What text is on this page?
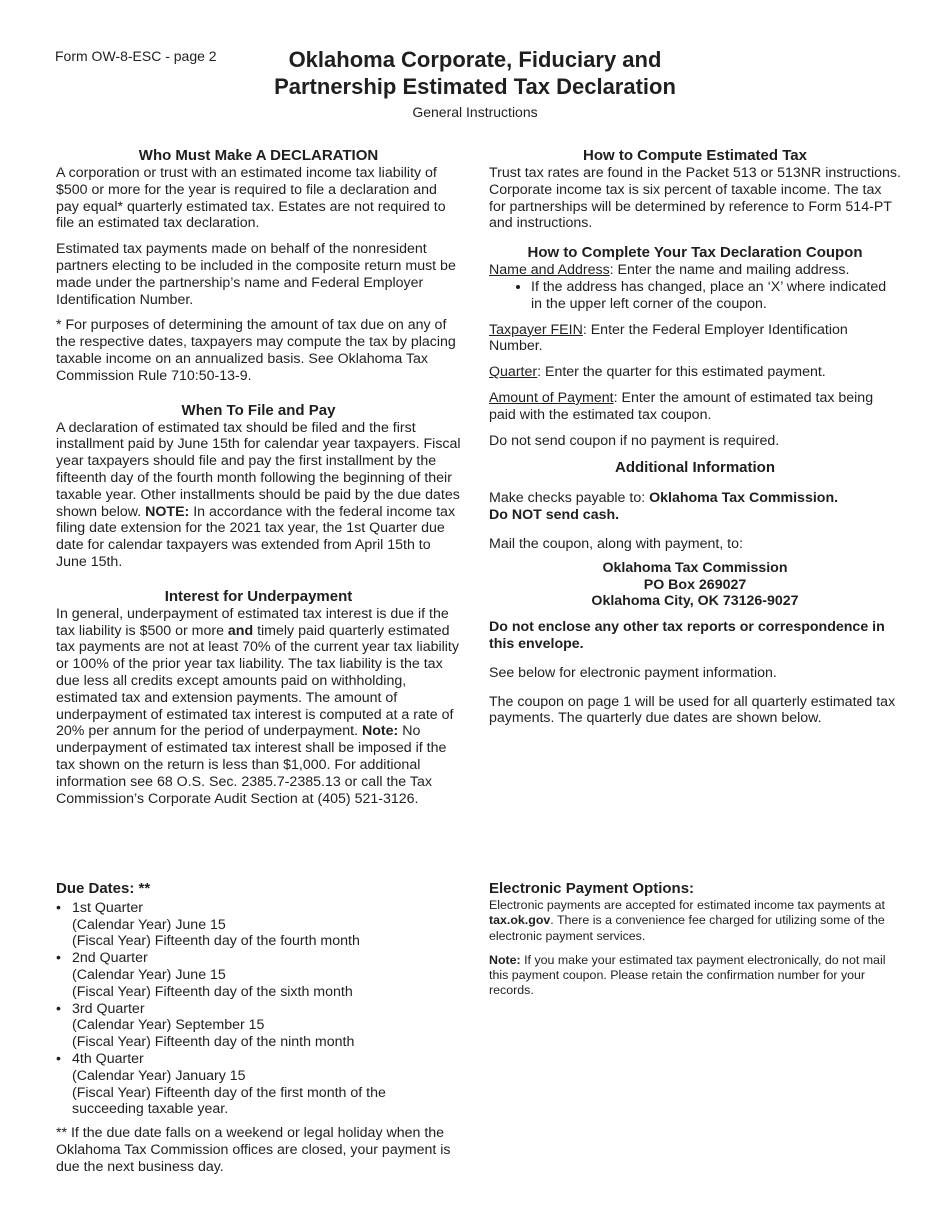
Form OW-8-ESC - page 2	Oklahoma Corporate, Fiduciary and
Partnership Estimated Tax Declaration
General Instructions
Who Must Make A DECLARATION

A corporation or trust with an estimated income tax liability of $500 or more for the year is required to file a declaration and pay equal* quarterly estimated tax. Estates are not required to file an estimated tax declaration.

Estimated tax payments made on behalf of the nonresident partners electing to be included in the composite return must be made under the partnership’s name and Federal Employer Identification Number.

* For purposes of determining the amount of tax due on any of the respective dates, taxpayers may compute the tax by placing taxable income on an annualized basis. See Oklahoma Tax Commission Rule 710:50-13-9.

When To File and Pay

A declaration of estimated tax should be filed and the first installment paid by June 15th for calendar year taxpayers. Fiscal year taxpayers should file and pay the first installment by the fifteenth day of the fourth month following the beginning of their taxable year. Other installments should be paid by the due dates shown below. NOTE: In accordance with the federal income tax filing date extension for the 2021 tax year, the 1st Quarter due date for calendar taxpayers was extended from April 15th to June 15th.

Interest for Underpayment

In general, underpayment of estimated tax interest is due if the tax liability is $500 or more and timely paid quarterly estimated tax payments are not at least 70% of the current year tax liability or 100% of the prior year tax liability. The tax liability is the tax due less all credits except amounts paid on withholding, estimated tax and extension payments. The amount of underpayment of estimated tax interest is computed at a rate of 20% per annum for the period of underpayment. Note: No underpayment of estimated tax interest shall be imposed if the tax shown on the return is less than $1,000. For additional information see 68 O.S. Sec. 2385.7-2385.13 or call the Tax Commission’s Corporate Audit Section at (405) 521-3126.

How to Compute Estimated Tax

Trust tax rates are found in the Packet 513 or 513NR instructions. Corporate income tax is six percent of taxable income. The tax for partnerships will be determined by reference to Form 514-PT and instructions.

How to Complete Your Tax Declaration Coupon
Name and Address: Enter the name and mailing address.
• If the address has changed, place an ‘X’ where indicated in the upper left corner of the coupon.

Taxpayer FEIN: Enter the Federal Employer Identification Number.

Quarter: Enter the quarter for this estimated payment.

Amount of Payment: Enter the amount of estimated tax being paid with the estimated tax coupon.

Do not send coupon if no payment is required.

Additional Information

Make checks payable to: Oklahoma Tax Commission.
Do NOT send cash.

Mail the coupon, along with payment, to:

Oklahoma Tax Commission
PO Box 269027
Oklahoma City, OK 73126-9027

Do not enclose any other tax reports or correspondence in this envelope.

See below for electronic payment information.

The coupon on page 1 will be used for all quarterly estimated tax payments. The quarterly due dates are shown below.

Due Dates: **
• 1st Quarter
(Calendar Year) June 15
(Fiscal Year) Fifteenth day of the fourth month
• 2nd Quarter
(Calendar Year) June 15
(Fiscal Year) Fifteenth day of the sixth month
• 3rd Quarter
(Calendar Year) September 15
(Fiscal Year) Fifteenth day of the ninth month
• 4th Quarter
(Calendar Year) January 15
(Fiscal Year) Fifteenth day of the first month of the succeeding taxable year.

** If the due date falls on a weekend or legal holiday when the Oklahoma Tax Commission offices are closed, your payment is due the next business day.

Electronic Payment Options:

Electronic payments are accepted for estimated income tax payments at tax.ok.gov. There is a convenience fee charged for utilizing some of the electronic payment services.

Note: If you make your estimated tax payment electronically, do not mail this payment coupon. Please retain the confirmation number for your records.
